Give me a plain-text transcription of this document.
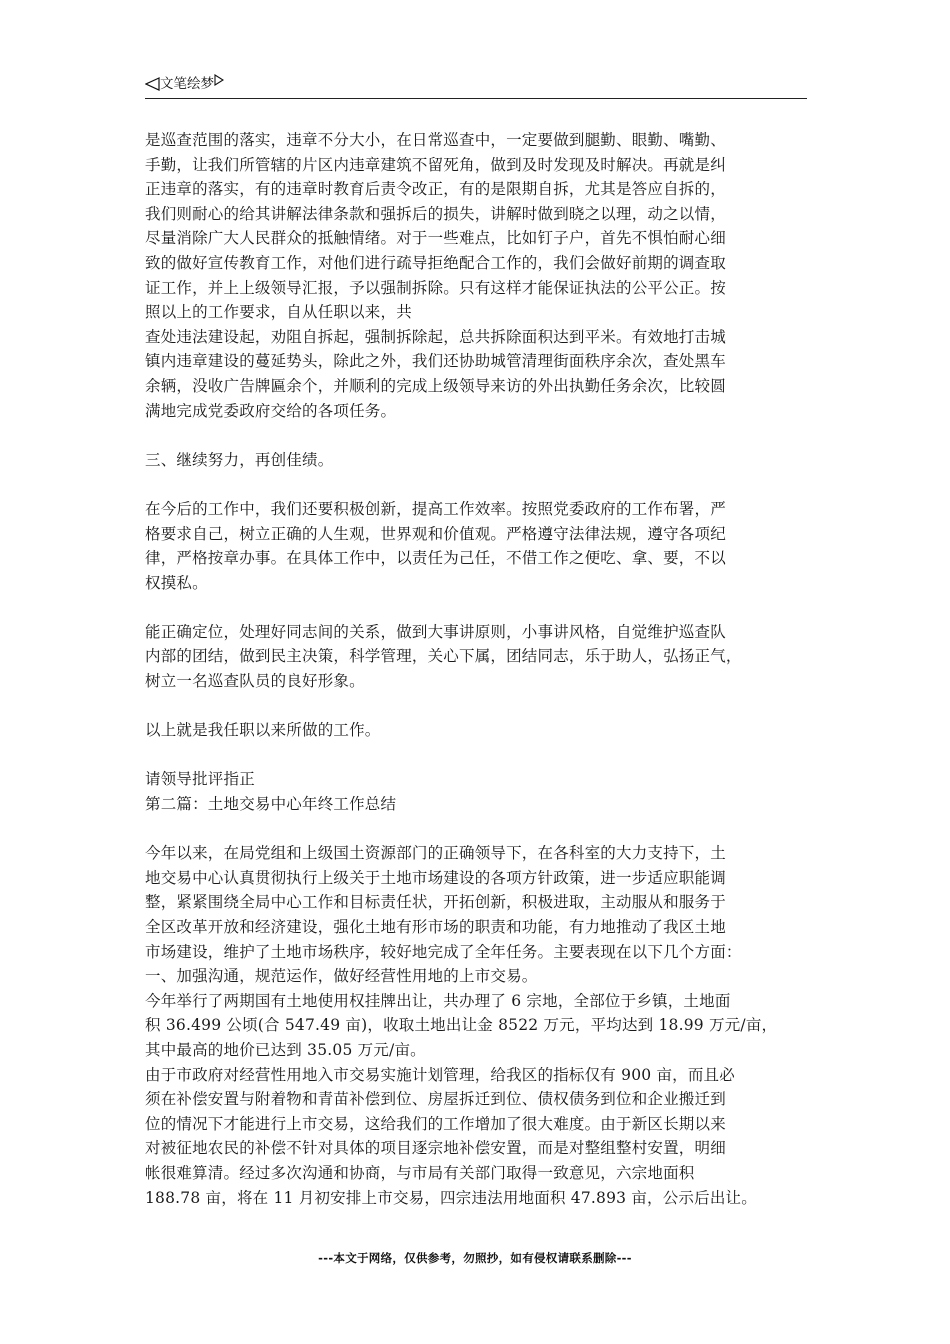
文笔绘梦

是巡查范围的落实，违章不分大小，在日常巡查中，一定要做到腿勤、眼勤、嘴勤、

手勤，让我们所管辖的片区内违章建筑不留死角，做到及时发现及时解决。再就是纠

正违章的落实，有的违章时教育后责令改正，有的是限期自拆，尤其是答应自拆的，

我们则耐心的给其讲解法律条款和强拆后的损失，讲解时做到晓之以理，动之以情，

尽量消除广大人民群众的抵触情绪。对于一些难点，比如钉子户，首先不惧怕耐心细

致的做好宣传教育工作，对他们进行疏导拒绝配合工作的，我们会做好前期的调查取

证工作，并上上级领导汇报，予以强制拆除。只有这样才能保证执法的公平公正。按

照以上的工作要求，自从任职以来，共

查处违法建设起，劝阻自拆起，强制拆除起，总共拆除面积达到平米。有效地打击城

镇内违章建设的蔓延势头，除此之外，我们还协助城管清理街面秩序余次，查处黑车

余辆，没收广告牌匾余个，并顺利的完成上级领导来访的外出执勤任务余次，比较圆

满地完成党委政府交给的各项任务。

三、继续努力，再创佳绩。

在今后的工作中，我们还要积极创新，提高工作效率。按照党委政府的工作布署，严

格要求自己，树立正确的人生观，世界观和价值观。严格遵守法律法规，遵守各项纪

律，严格按章办事。在具体工作中，以责任为己任，不借工作之便吃、拿、要，不以

权摸私。

能正确定位，处理好同志间的关系，做到大事讲原则，小事讲风格，自觉维护巡查队

内部的团结，做到民主决策，科学管理，关心下属，团结同志，乐于助人，弘扬正气，

树立一名巡查队员的良好形象。

以上就是我任职以来所做的工作。

请领导批评指正

第二篇：土地交易中心年终工作总结

今年以来，在局党组和上级国土资源部门的正确领导下，在各科室的大力支持下，土

地交易中心认真贯彻执行上级关于土地市场建设的各项方针政策，进一步适应职能调

整，紧紧围绕全局中心工作和目标责任状，开拓创新，积极进取，主动服从和服务于

全区改革开放和经济建设，强化土地有形市场的职责和功能，有力地推动了我区土地

市场建设，维护了土地市场秩序，较好地完成了全年任务。主要表现在以下几个方面：

一、加强沟通，规范运作，做好经营性用地的上市交易。

今年举行了两期国有土地使用权挂牌出让，共办理了 6 宗地，全部位于乡镇，土地面

积 36.499 公顷(合 547.49 亩)，收取土地出让金 8522 万元，平均达到 18.99 万元/亩，

其中最高的地价已达到 35.05 万元/亩。

由于市政府对经营性用地入市交易实施计划管理，给我区的指标仅有 900 亩，而且必

须在补偿安置与附着物和青苗补偿到位、房屋拆迁到位、债权债务到位和企业搬迁到

位的情况下才能进行上市交易，这给我们的工作增加了很大难度。由于新区长期以来

对被征地农民的补偿不针对具体的项目逐宗地补偿安置，而是对整组整村安置，明细

帐很难算清。经过多次沟通和协商，与市局有关部门取得一致意见，六宗地面积

188.78 亩，将在 11 月初安排上市交易，四宗违法用地面积 47.893 亩，公示后出让。

---本文于网络，仅供参考，勿照抄，如有侵权请联系删除---
